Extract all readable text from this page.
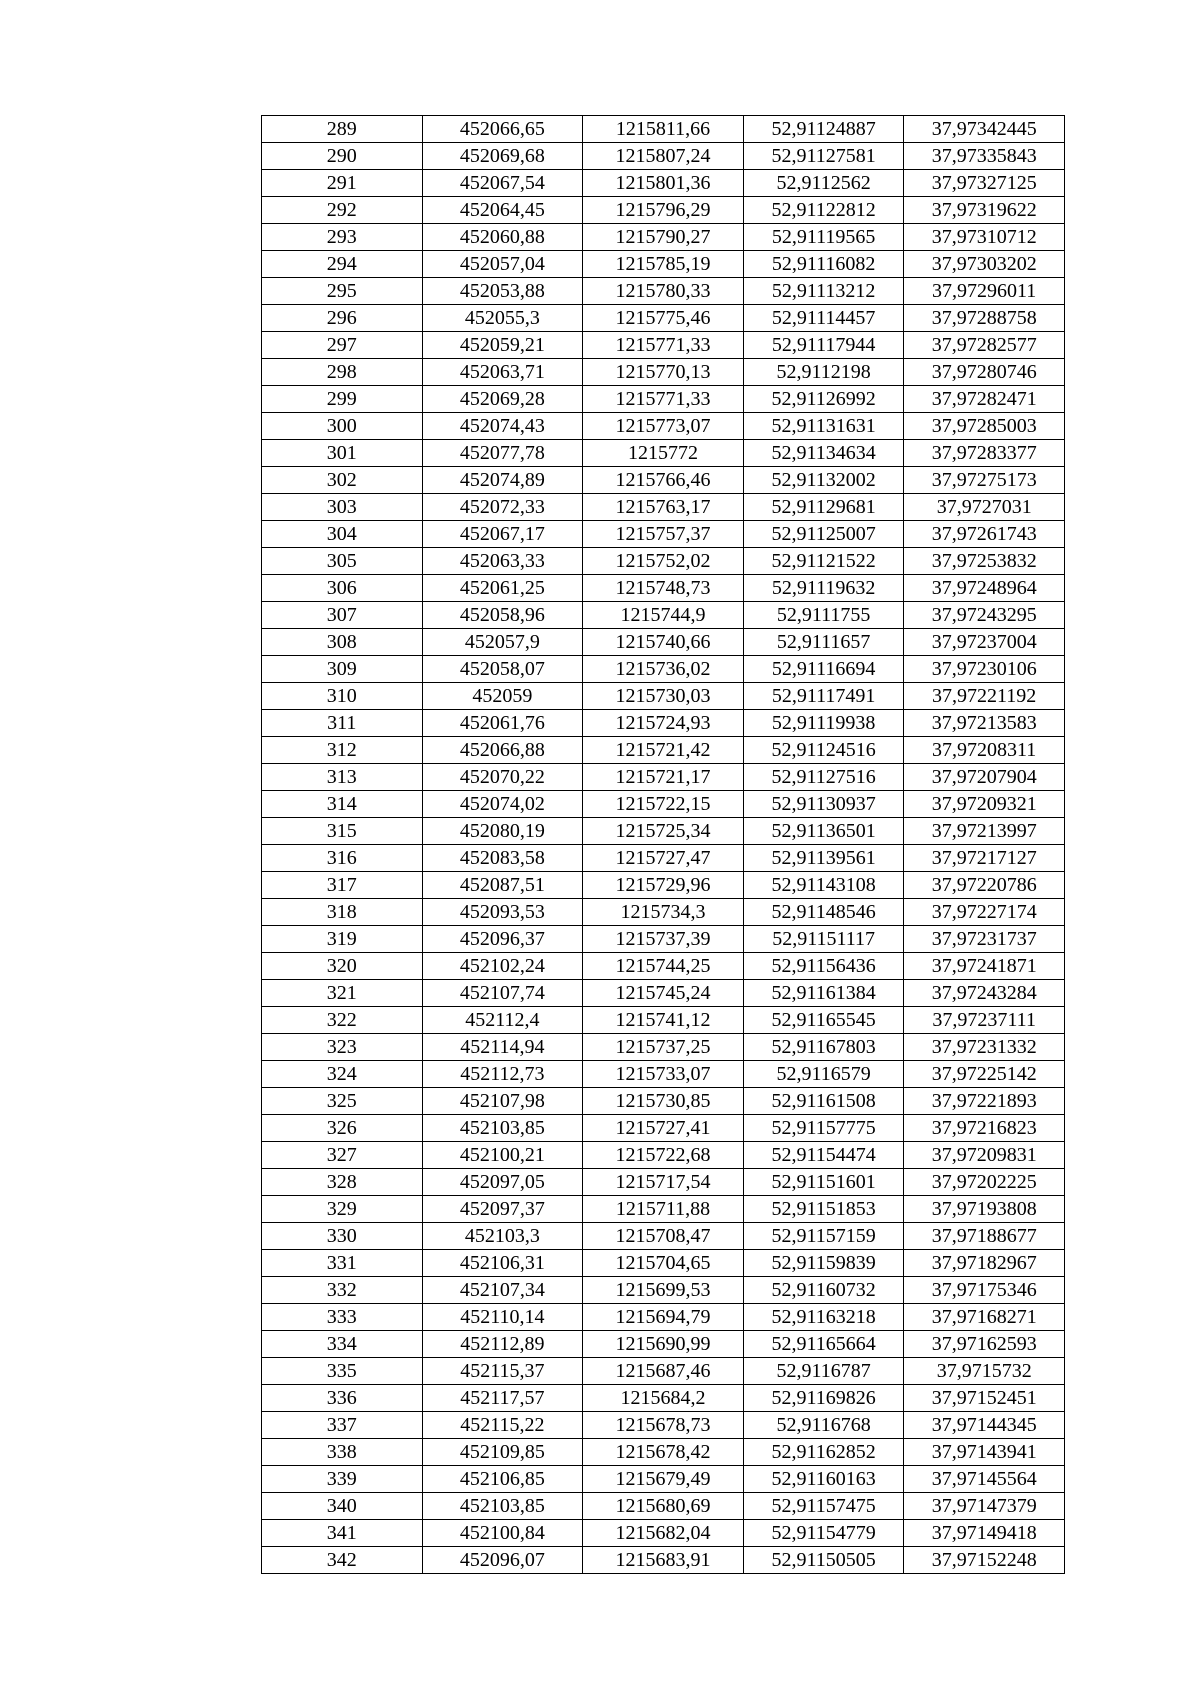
289	452066,65	1215811,66	52,91124887	37,97342445
290	452069,68	1215807,24	52,91127581	37,97335843
291	452067,54	1215801,36	52,9112562	37,97327125
292	452064,45	1215796,29	52,91122812	37,97319622
293	452060,88	1215790,27	52,91119565	37,97310712
294	452057,04	1215785,19	52,91116082	37,97303202
295	452053,88	1215780,33	52,91113212	37,97296011
296	452055,3	1215775,46	52,91114457	37,97288758
297	452059,21	1215771,33	52,91117944	37,97282577
298	452063,71	1215770,13	52,9112198	37,97280746
299	452069,28	1215771,33	52,91126992	37,97282471
300	452074,43	1215773,07	52,91131631	37,97285003
301	452077,78	1215772	52,91134634	37,97283377
302	452074,89	1215766,46	52,91132002	37,97275173
303	452072,33	1215763,17	52,91129681	37,9727031
304	452067,17	1215757,37	52,91125007	37,97261743
305	452063,33	1215752,02	52,91121522	37,97253832
306	452061,25	1215748,73	52,91119632	37,97248964
307	452058,96	1215744,9	52,9111755	37,97243295
308	452057,9	1215740,66	52,9111657	37,97237004
309	452058,07	1215736,02	52,91116694	37,97230106
310	452059	1215730,03	52,91117491	37,97221192
311	452061,76	1215724,93	52,91119938	37,97213583
312	452066,88	1215721,42	52,91124516	37,97208311
313	452070,22	1215721,17	52,91127516	37,97207904
314	452074,02	1215722,15	52,91130937	37,97209321
315	452080,19	1215725,34	52,91136501	37,97213997
316	452083,58	1215727,47	52,91139561	37,97217127
317	452087,51	1215729,96	52,91143108	37,97220786
318	452093,53	1215734,3	52,91148546	37,97227174
319	452096,37	1215737,39	52,91151117	37,97231737
320	452102,24	1215744,25	52,91156436	37,97241871
321	452107,74	1215745,24	52,91161384	37,97243284
322	452112,4	1215741,12	52,91165545	37,97237111
323	452114,94	1215737,25	52,91167803	37,97231332
324	452112,73	1215733,07	52,9116579	37,97225142
325	452107,98	1215730,85	52,91161508	37,97221893
326	452103,85	1215727,41	52,91157775	37,97216823
327	452100,21	1215722,68	52,91154474	37,97209831
328	452097,05	1215717,54	52,91151601	37,97202225
329	452097,37	1215711,88	52,91151853	37,97193808
330	452103,3	1215708,47	52,91157159	37,97188677
331	452106,31	1215704,65	52,91159839	37,97182967
332	452107,34	1215699,53	52,91160732	37,97175346
333	452110,14	1215694,79	52,91163218	37,97168271
334	452112,89	1215690,99	52,91165664	37,97162593
335	452115,37	1215687,46	52,9116787	37,9715732
336	452117,57	1215684,2	52,91169826	37,97152451
337	452115,22	1215678,73	52,9116768	37,97144345
338	452109,85	1215678,42	52,91162852	37,97143941
339	452106,85	1215679,49	52,91160163	37,97145564
340	452103,85	1215680,69	52,91157475	37,97147379
341	452100,84	1215682,04	52,91154779	37,97149418
342	452096,07	1215683,91	52,91150505	37,97152248
